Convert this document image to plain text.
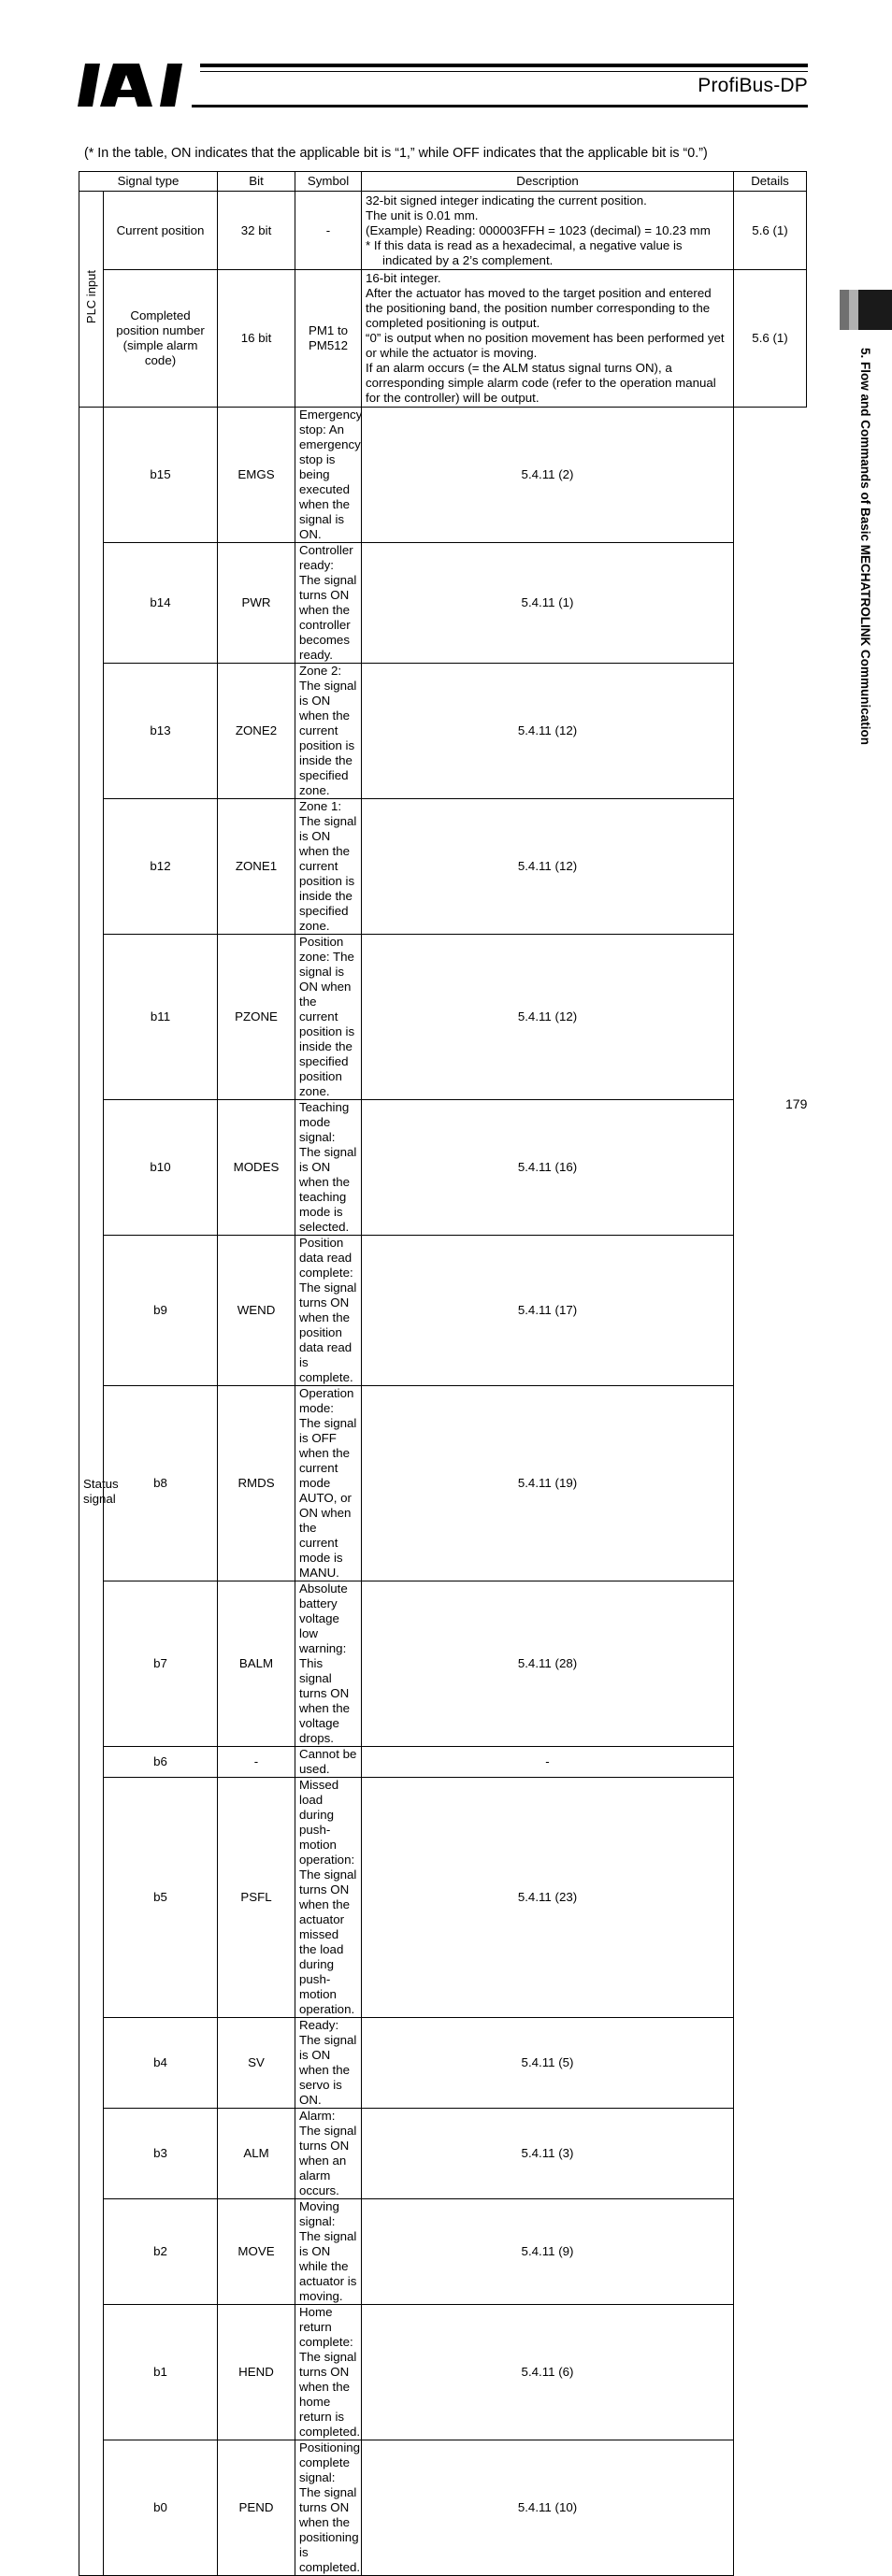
ProfiBus-DP
(* In the table, ON indicates that the applicable bit is “1,” while OFF indicates that the applicable bit is “0.”)
Signal type		Bit	Symbol	Description	Details
PLC input	Current position	32 bit	-	32-bit signed integer indicating the current position.
The unit is 0.01 mm.
(Example) Reading: 000003FFH = 1023 (decimal) = 10.23 mm
* If this data is read as a hexadecimal, a negative value is indicated by a 2’s complement.	5.6 (1)
	Completed position number (simple alarm code)	16 bit	PM1 to PM512	16-bit integer.
After the actuator has moved to the target position and entered the positioning band, the position number corresponding to the completed positioning is output.
“0” is output when no position movement has been performed yet or while the actuator is moving.
If an alarm occurs (= the ALM status signal turns ON), a corresponding simple alarm code (refer to the operation manual for the controller) will be output.	5.6 (1)
Status signal	b15	EMGS	Emergency stop: An emergency stop is being executed when the signal is ON.	5.4.11 (2)	
	b14	PWR	Controller ready: The signal turns ON when the controller becomes ready.	5.4.11 (1)	
	b13	ZONE2	Zone 2: The signal is ON when the current position is inside the specified zone.	5.4.11 (12)	
	b12	ZONE1	Zone 1: The signal is ON when the current position is inside the specified zone.	5.4.11 (12)	
	b11	PZONE	Position zone: The signal is ON when the current position is inside the specified position zone.	5.4.11 (12)	
	b10	MODES	Teaching mode signal: The signal is ON when the teaching mode is selected.	5.4.11 (16)	
	b9	WEND	Position data read complete: The signal turns ON when the position data read is complete.	5.4.11 (17)	
	b8	RMDS	Operation mode: The signal is OFF when the current mode AUTO, or ON when the current mode is MANU.	5.4.11 (19)	
	b7	BALM	Absolute battery voltage low warning: This signal turns ON when the voltage drops.	5.4.11 (28)	
	b6	-	Cannot be used.	-	
	b5	PSFL	Missed load during push-motion operation: The signal turns ON when the actuator missed the load during push-motion operation.	5.4.11 (23)	
	b4	SV	Ready: The signal is ON when the servo is ON.	5.4.11 (5)	
	b3	ALM	Alarm: The signal turns ON when an alarm occurs.	5.4.11 (3)	
	b2	MOVE	Moving signal: The signal is ON while the actuator is moving.	5.4.11 (9)	
	b1	HEND	Home return complete: The signal turns ON when the home return is completed.	5.4.11 (6)	
	b0	PEND	Positioning complete signal: The signal turns ON when the positioning is completed.	5.4.11 (10)	
5. Flow and Commands of Basic MECHATROLINK Communication
179
